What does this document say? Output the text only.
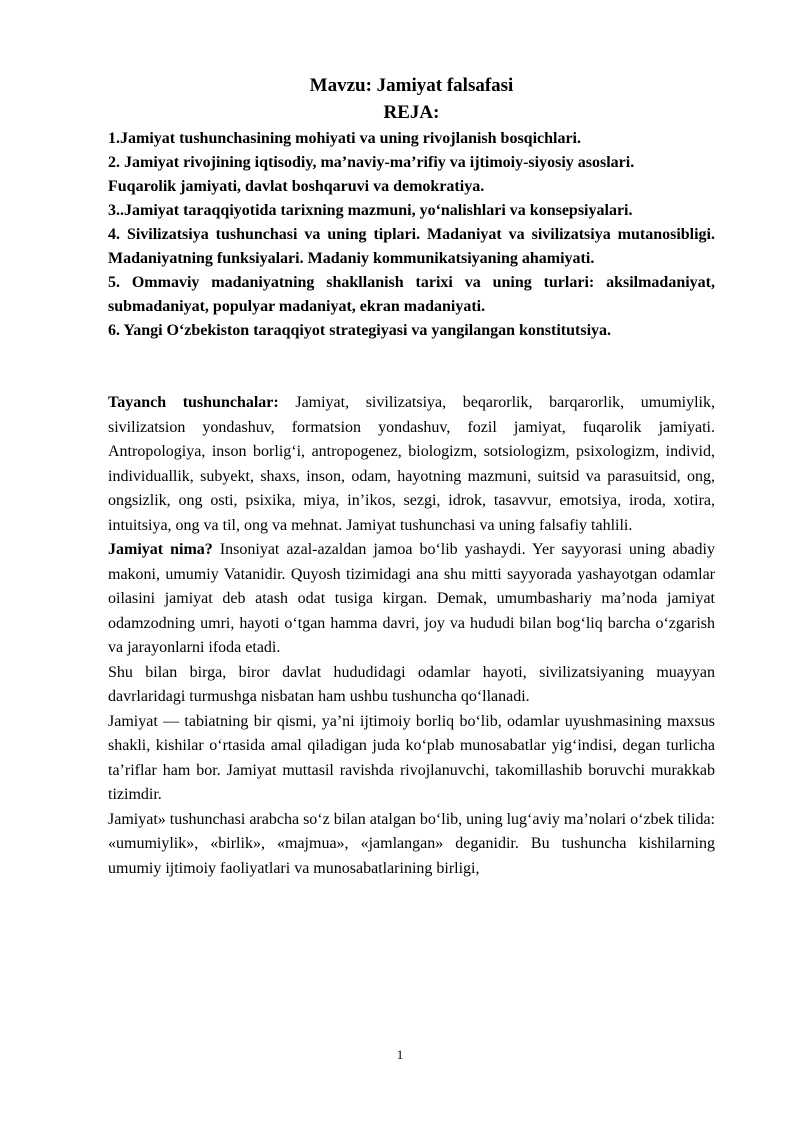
Mavzu: Jamiyat falsafasi

REJA:

1.Jamiyat tushunchasining mohiyati va uning rivojlanish bosqichlari.

2. Jamiyat rivojining iqtisodiy, ma’naviy-ma’rifiy va ijtimoiy-siyosiy asoslari.

Fuqarolik jamiyati, davlat boshqaruvi va demokratiya.

3..Jamiyat taraqqiyotida tarixning mazmuni, yo‘nalishlari va konsepsiyalari.

4. Sivilizatsiya tushunchasi va uning tiplari. Madaniyat va sivilizatsiya mutanosibligi. Madaniyatning funksiyalari. Madaniy kommunikatsiyaning ahamiyati.

5. Ommaviy madaniyatning shakllanish tarixi va uning turlari: aksilmadaniyat, submadaniyat, populyar madaniyat, ekran madaniyati.

6. Yangi O‘zbekiston taraqqiyot strategiyasi va yangilangan konstitutsiya.

Tayanch tushunchalar: Jamiyat, sivilizatsiya, beqarorlik, barqarorlik, umumiylik, sivilizatsion yondashuv, formatsion yondashuv, fozil jamiyat, fuqarolik jamiyati. Antropologiya, inson borlig‘i, antropogenez, biologizm, sotsiologizm, psixologizm, individ, individuallik, subyekt, shaxs, inson, odam, hayotning mazmuni, suitsid va parasuitsid, ong, ongsizlik, ong osti, psixika, miya, in’ikos, sezgi, idrok, tasavvur, emotsiya, iroda, xotira, intuitsiya, ong va til, ong va mehnat. Jamiyat tushunchasi va uning falsafiy tahlili.

Jamiyat nima? Insoniyat azal-azaldan jamoa bo‘lib yashaydi. Yer sayyorasi uning abadiy makoni, umumiy Vatanidir. Quyosh tizimidagi ana shu mitti sayyorada yashayotgan odamlar oilasini jamiyat deb atash odat tusiga kirgan. Demak, umumbashariy ma’noda jamiyat odamzodning umri, hayoti o‘tgan hamma davri, joy va hududi bilan bog‘liq barcha o‘zgarish va jarayonlarni ifoda etadi.

Shu bilan birga, biror davlat hududidagi odamlar hayoti, sivilizatsiyaning muayyan davrlaridagi turmushga nisbatan ham ushbu tushuncha qo‘llanadi.

Jamiyat — tabiatning bir qismi, ya’ni ijtimoiy borliq bo‘lib, odamlar uyushmasining maxsus shakli, kishilar o‘rtasida amal qiladigan juda ko‘plab munosabatlar yig‘indisi, degan turlicha ta’riflar ham bor. Jamiyat muttasil ravishda rivojlanuvchi, takomillashib boruvchi murakkab tizimdir.

Jamiyat» tushunchasi arabcha so‘z bilan atalgan bo‘lib, uning lug‘aviy ma’nolari o‘zbek tilida: «umumiylik», «birlik», «majmua», «jamlangan» deganidir. Bu tushuncha kishilarning umumiy ijtimoiy faoliyatlari va munosabatlarining birligi,

1
